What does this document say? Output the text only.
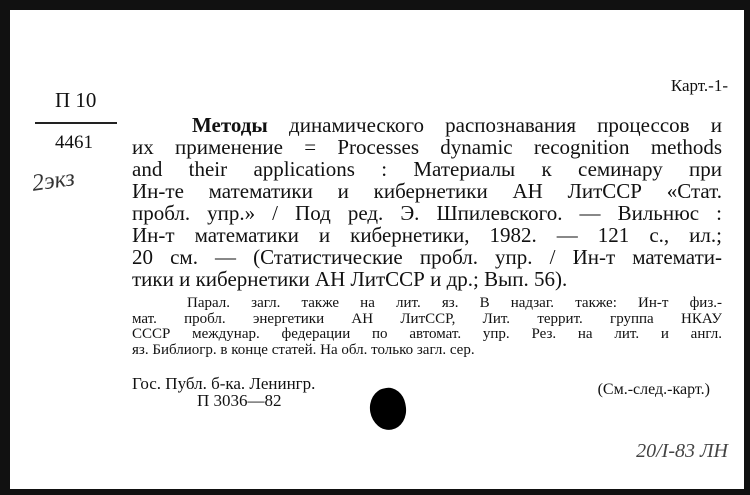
П 10
4461
2экз
Карт.-1-
Методы динамического распознавания процессов и
их применение = Processes dynamic recognition methods
and their applications : Материалы к семинару при
Ин-те математики и кибернетики АН ЛитССР «Стат.
пробл. упр.» / Под ред. Э. Шпилевского. — Вильнюс :
Ин-т математики и кибернетики, 1982. — 121 с., ил.;
20 см. — (Статистические пробл. упр. / Ин-т математи-
тики и кибернетики АН ЛитССР и др.; Вып. 56).
Парал. загл. также на лит. яз. В надзаг. также: Ин-т физ.-
мат. пробл. энергетики АН ЛитССР, Лит. террит. группа НКАУ
СССР междунар. федерации по автомат. упр. Рез. на лит. и англ.
яз. Библиогр. в конце статей. На обл. только загл. сер.
Гос. Публ. б-ка. Ленингр.
П 3036—82
(См.-след.-карт.)
20/I-83 ЛН
